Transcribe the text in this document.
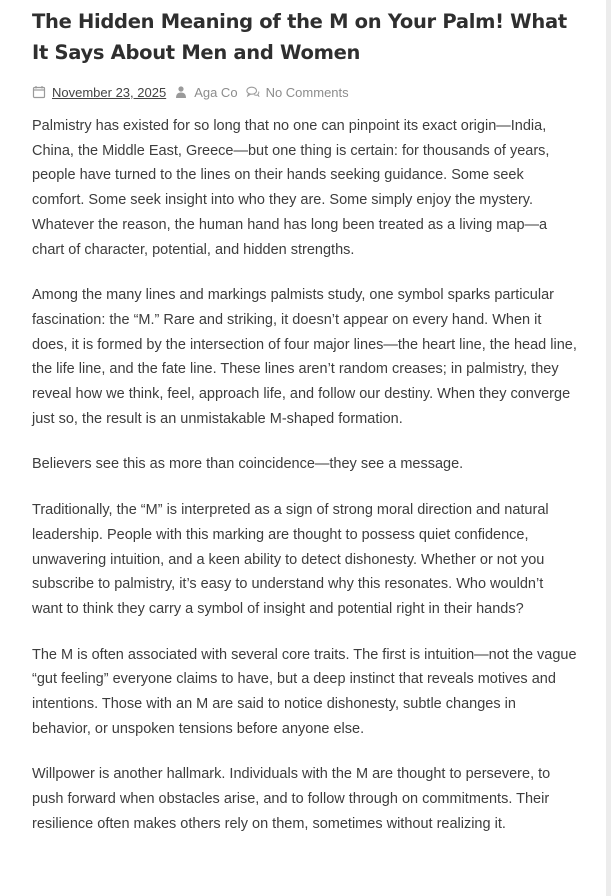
The Hidden Meaning of the M on Your Palm! What It Says About Men and Women
November 23, 2025 Aga Co No Comments

Palmistry has existed for so long that no one can pinpoint its exact origin—India, China, the Middle East, Greece—but one thing is certain: for thousands of years, people have turned to the lines on their hands seeking guidance. Some seek comfort. Some seek insight into who they are. Some simply enjoy the mystery. Whatever the reason, the human hand has long been treated as a living map—a chart of character, potential, and hidden strengths.

Among the many lines and markings palmists study, one symbol sparks particular fascination: the “M.” Rare and striking, it doesn’t appear on every hand. When it does, it is formed by the intersection of four major lines—the heart line, the head line, the life line, and the fate line. These lines aren’t random creases; in palmistry, they reveal how we think, feel, approach life, and follow our destiny. When they converge just so, the result is an unmistakable M-shaped formation.

Believers see this as more than coincidence—they see a message.

Traditionally, the “M” is interpreted as a sign of strong moral direction and natural leadership. People with this marking are thought to possess quiet confidence, unwavering intuition, and a keen ability to detect dishonesty. Whether or not you subscribe to palmistry, it’s easy to understand why this resonates. Who wouldn’t want to think they carry a symbol of insight and potential right in their hands?

The M is often associated with several core traits. The first is intuition—not the vague “gut feeling” everyone claims to have, but a deep instinct that reveals motives and intentions. Those with an M are said to notice dishonesty, subtle changes in behavior, or unspoken tensions before anyone else.

Willpower is another hallmark. Individuals with the M are thought to persevere, to push forward when obstacles arise, and to follow through on commitments. Their resilience often makes others rely on them, sometimes without realizing it.
